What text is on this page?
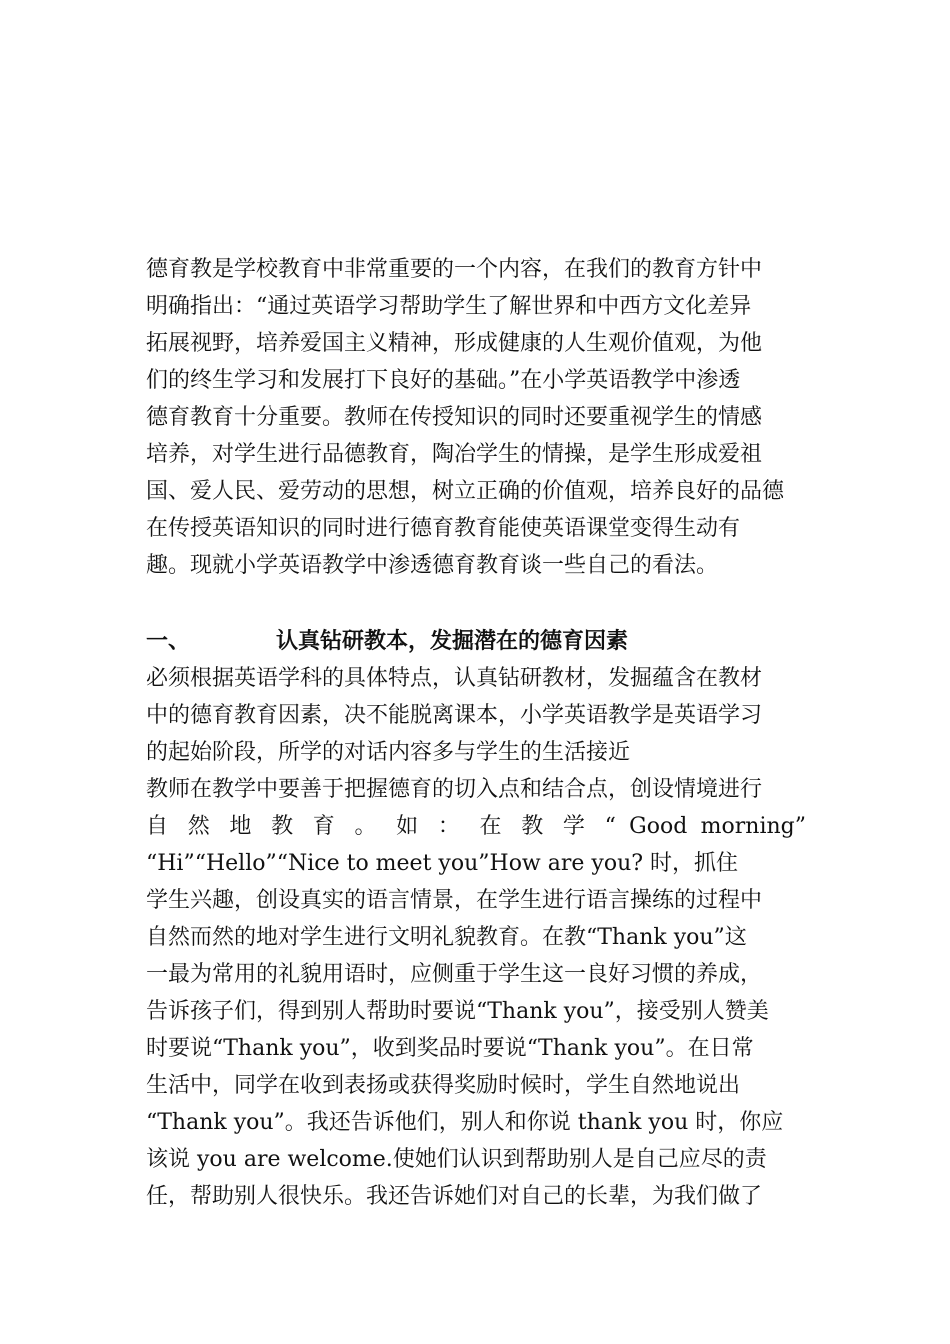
德育教是学校教育中非常重要的一个内容，在我们的教育方针中
明确指出：“通过英语学习帮助学生了解世界和中西方文化差异
拓展视野，培养爱国主义精神，形成健康的人生观价值观，为他
们的终生学习和发展打下良好的基础。”在小学英语教学中渗透
德育教育十分重要。教师在传授知识的同时还要重视学生的情感
培养，对学生进行品德教育，陶冶学生的情操，是学生形成爱祖
国、爱人民、爱劳动的思想，树立正确的价值观，培养良好的品德
在传授英语知识的同时进行德育教育能使英语课堂变得生动有
趣。现就小学英语教学中渗透德育教育谈一些自己的看法。
一、	认真钻研教本，发掘潜在的德育因素
必须根据英语学科的具体特点，认真钻研教材，发掘蕴含在教材
中的德育教育因素，决不能脱离课本，小学英语教学是英语学习
的起始阶段，所学的对话内容多与学生的生活接近
教师在教学中要善于把握德育的切入点和结合点，创设情境进行
自 然 地 教 育 。 如 ： 在 教 学 “ Good morning”
“Hi”“Hello”“Nice to meet you”How are you? 时，抓住
学生兴趣，创设真实的语言情景，在学生进行语言操练的过程中
自然而然的地对学生进行文明礼貌教育。在教“Thank you”这
一最为常用的礼貌用语时，应侧重于学生这一良好习惯的养成，
告诉孩子们，得到别人帮助时要说“Thank you”，接受别人赞美
时要说“Thank you”，收到奖品时要说“Thank you”。在日常
生活中，同学在收到表扬或获得奖励时候时，学生自然地说出
“Thank you”。我还告诉他们，别人和你说 thank you 时，你应
该说 you are welcome.使她们认识到帮助别人是自己应尽的责
任，帮助别人很快乐。我还告诉她们对自己的长辈，为我们做了
